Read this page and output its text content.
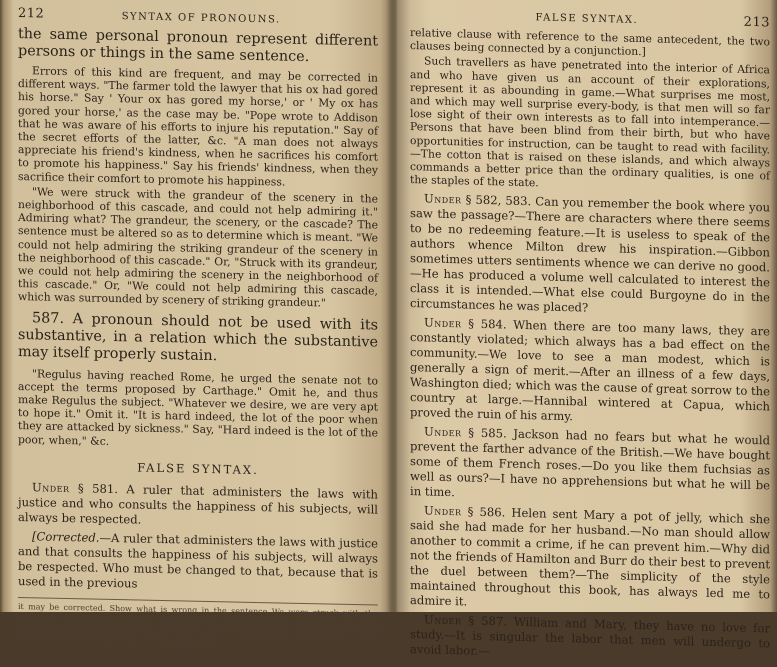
212	SYNTAX OF PRONOUNS.

the same personal pronoun represent different persons or things in the same sentence.

Errors of this kind are frequent, and may be corrected in different ways. "The farmer told the lawyer that his ox had gored his horse." Say ' Your ox has gored my horse,' or ' My ox has gored your horse,' as the case may be. "Pope wrote to Addison that he was aware of his efforts to injure his reputation." Say of the secret efforts of the latter, &c. "A man does not always appreciate his friend's kindness, when he sacrifices his comfort to promote his happiness." Say his friends' kindness, when they sacrifice their comfort to promote his happiness.

"We were struck with the grandeur of the scenery in the neighborhood of this cascade, and could not help admiring it." Admiring what? The grandeur, the scenery, or the cascade? The sentence must be altered so as to determine which is meant. "We could not help admiring the striking grandeur of the scenery in the neighborhood of this cascade." Or, "Struck with its grandeur, we could not help admiring the scenery in the neighborhood of this cascade." Or, "We could not help admiring this cascade, which was surrounded by scenery of striking grandeur."

587. A pronoun should not be used with its substantive, in a relation which the substantive may itself properly sustain.

"Regulus having reached Rome, he urged the senate not to accept the terms proposed by Carthage." Omit he, and thus make Regulus the subject. "Whatever we desire, we are very apt to hope it." Omit it. "It is hard indeed, the lot of the poor when they are attacked by sickness." Say, "Hard indeed is the lot of the poor, when," &c.

FALSE SYNTAX.

Under § 581. A ruler that administers the laws with justice and who consults the happiness of his subjects, will always be respected.

[Corrected.—A ruler that administers the laws with justice and that consults the happiness of his subjects, will always be respected. Who must be changed to that, because that is used in the previous

it may be corrected. Show what is wrong in the sentence We were struck with the grandeur of the scenery in the neighborhood of this cascade, and could not help admiring it. Alter the sentence in three ways, so as to determine its meaning. 587. State the rule relating to a pronoun and its substantive.

FALSE SYNTAX.	213

relative clause with reference to the same antecedent, the two clauses being connected by a conjunction.]

Such travellers as have penetrated into the interior of Africa and who have given us an account of their explorations, represent it as abounding in game.—What surprises me most, and which may well surprise every-body, is that men will so far lose sight of their own interests as to fall into intemperance.—Persons that have been blind from their birth, but who have opportunities for instruction, can be taught to read with facility.—The cotton that is raised on these islands, and which always commands a better price than the ordinary qualities, is one of the staples of the state.

Under § 582, 583. Can you remember the book where you saw the passage?—There are characters where there seems to be no redeeming feature.—It is useless to speak of the authors whence Milton drew his inspiration.—Gibbon sometimes utters sentiments whence we can derive no good.—He has produced a volume well calculated to interest the class it is intended.—What else could Burgoyne do in the circumstances he was placed?

Under § 584. When there are too many laws, they are constantly violated; which always has a bad effect on the community.—We love to see a man modest, which is generally a sign of merit.—After an illness of a few days, Washington died; which was the cause of great sorrow to the country at large.—Hannibal wintered at Capua, which proved the ruin of his army.

Under § 585. Jackson had no fears but what he would prevent the farther advance of the British.—We have bought some of them French roses.—Do you like them fuchsias as well as ours?—I have no apprehensions but what he will be in time.

Under § 586. Helen sent Mary a pot of jelly, which she said she had made for her husband.—No man should allow another to commit a crime, if he can prevent him.—Why did not the friends of Hamilton and Burr do their best to prevent the duel between them?—The simplicity of the style maintained throughout this book, has always led me to admire it.

Under § 587. William and Mary, they have no love for study.—It is singular the labor that men will undergo to avoid labor.—
